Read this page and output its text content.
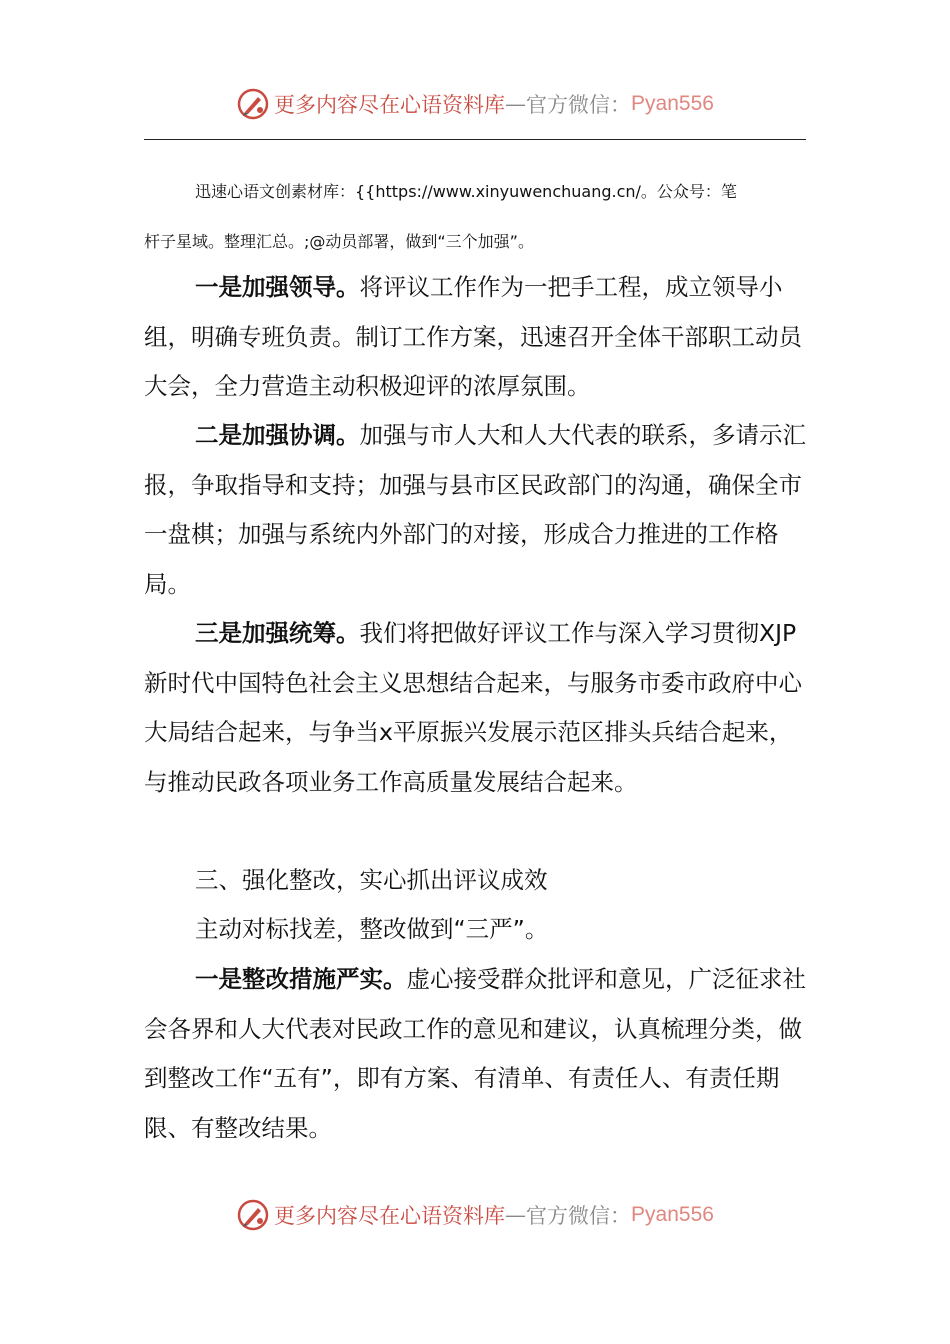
更多内容尽在心语资料库 — 官方微信： Pyan556
迅速心语文创素材库：{{https://www.xinyuwenchuang.cn/。公众号：笔
杆子星域。整理汇总。;@动员部署，做到“三个加强”。

一是加强领导。将评议工作作为一把手工程，成立领导小组，明确专班负责。制订工作方案，迅速召开全体干部职工动员大会，全力营造主动积极迎评的浓厚氛围。

二是加强协调。加强与市人大和人大代表的联系，多请示汇报，争取指导和支持；加强与县市区民政部门的沟通，确保全市一盘棋；加强与系统内外部门的对接，形成合力推进的工作格局。

三是加强统筹。我们将把做好评议工作与深入学习贯彻XJP新时代中国特色社会主义思想结合起来，与服务市委市政府中心大局结合起来，与争当x平原振兴发展示范区排头兵结合起来，与推动民政各项业务工作高质量发展结合起来。

三、强化整改，实心抓出评议成效

主动对标找差，整改做到“三严”。

一是整改措施严实。虚心接受群众批评和意见，广泛征求社会各界和人大代表对民政工作的意见和建议，认真梳理分类，做到整改工作“五有”，即有方案、有清单、有责任人、有责任期限、有整改结果。

更多内容尽在心语资料库 — 官方微信： Pyan556
